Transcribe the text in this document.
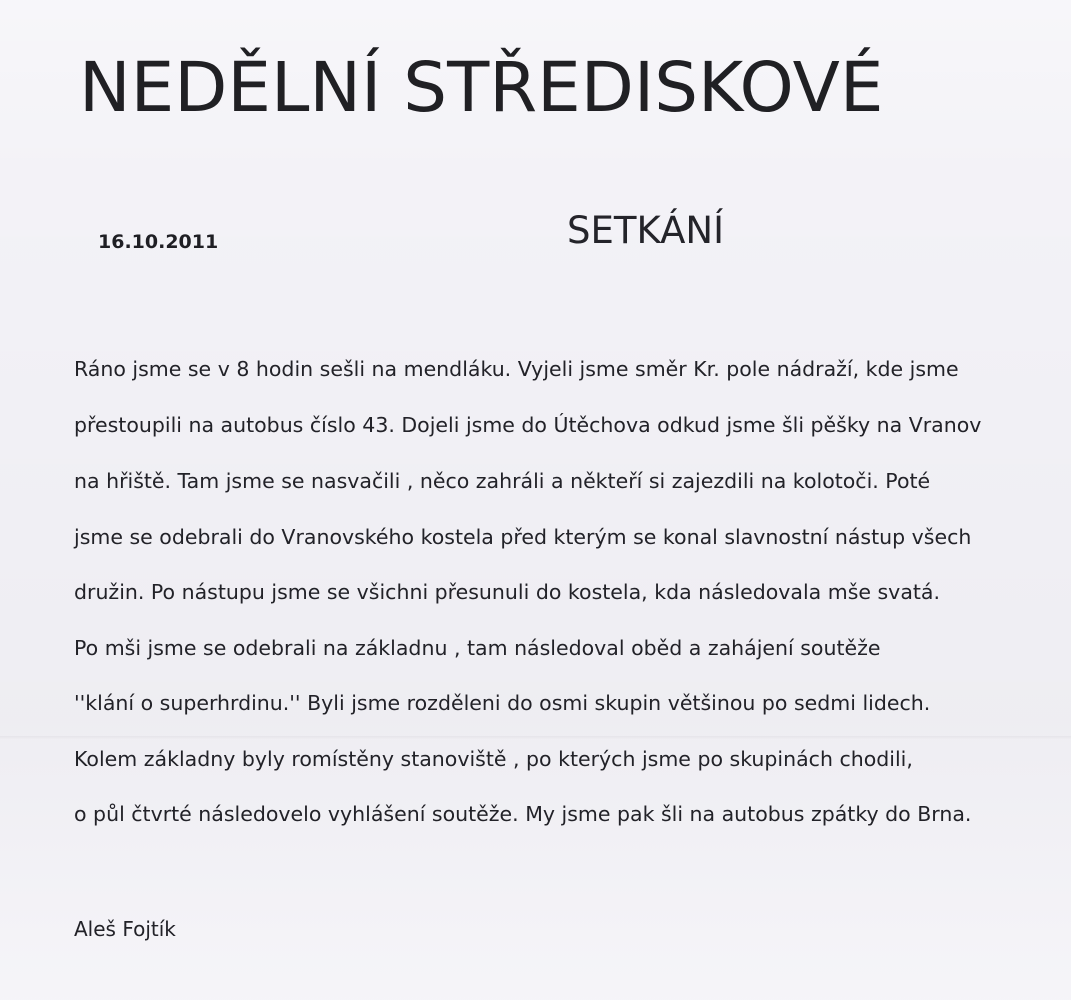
NEDĚLNÍ STŘEDISKOVÉ
16.10.2011	SETKÁNÍ
Ráno jsme se v 8 hodin sešli na mendláku. Vyjeli jsme směr Kr. pole nádraží, kde jsme
přestoupili na autobus číslo 43. Dojeli jsme do Útěchova odkud jsme šli pěšky na Vranov
na hřiště. Tam jsme se nasvačili , něco zahráli a někteří si zajezdili na kolotoči. Poté
jsme se odebrali do Vranovského kostela před kterým se konal slavnostní nástup všech
družin. Po nástupu jsme se všichni přesunuli do kostela, kda následovala mše svatá.
Po mši jsme se odebrali na základnu , tam následoval oběd a zahájení soutěže
''klání o superhrdinu.'' Byli jsme rozděleni do osmi skupin většinou po sedmi lidech.
Kolem základny byly romístěny stanoviště , po kterých jsme po skupinách chodili,
o půl čtvrté následovelo vyhlášení soutěže. My jsme pak šli na autobus zpátky do Brna.
Aleš Fojtík
